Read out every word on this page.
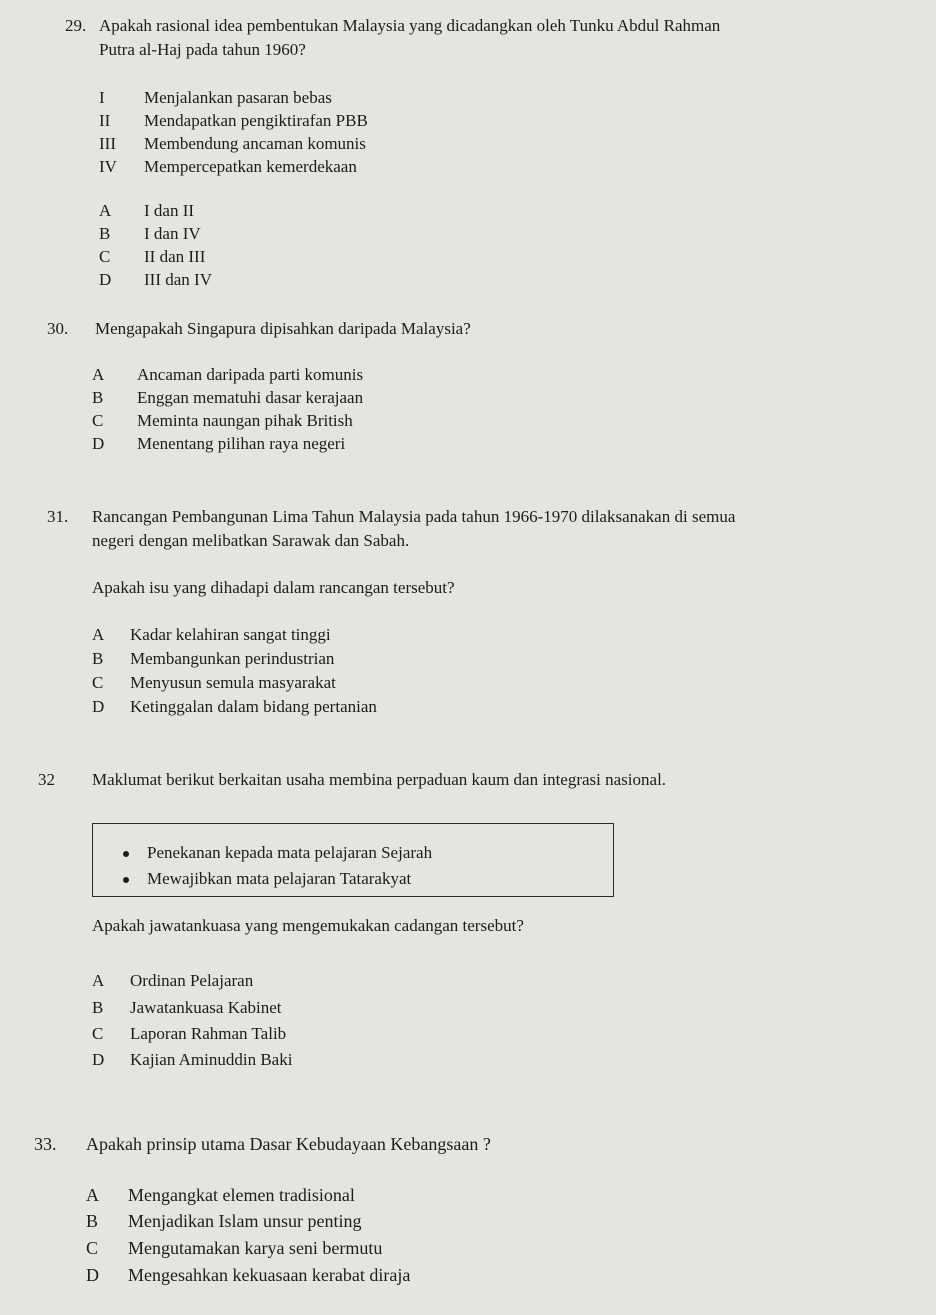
29. Apakah rasional idea pembentukan Malaysia yang dicadangkan oleh Tunku Abdul Rahman
Putra al-Haj pada tahun 1960?
I Menjalankan pasaran bebas
II Mendapatkan pengiktirafan PBB
III Membendung ancaman komunis
IV Mempercepatkan kemerdekaan
A I dan II
B I dan IV
C II dan III
D III dan IV
30. Mengapakah Singapura dipisahkan daripada Malaysia?
A Ancaman daripada parti komunis
B Enggan mematuhi dasar kerajaan
C Meminta naungan pihak British
D Menentang pilihan raya negeri
31. Rancangan Pembangunan Lima Tahun Malaysia pada tahun 1966-1970 dilaksanakan di semua
negeri dengan melibatkan Sarawak dan Sabah.
Apakah isu yang dihadapi dalam rancangan tersebut?
A Kadar kelahiran sangat tinggi
B Membangunkan perindustrian
C Menyusun semula masyarakat
D Ketinggalan dalam bidang pertanian
32 Maklumat berikut berkaitan usaha membina perpaduan kaum dan integrasi nasional.
Penekanan kepada mata pelajaran Sejarah
Mewajibkan mata pelajaran Tatarakyat
Apakah jawatankuasa yang mengemukakan cadangan tersebut?
A Ordinan Pelajaran
B Jawatankuasa Kabinet
C Laporan Rahman Talib
D Kajian Aminuddin Baki
33. Apakah prinsip utama Dasar Kebudayaan Kebangsaan ?
A Mengangkat elemen tradisional
B Menjadikan Islam unsur penting
C Mengutamakan karya seni bermutu
D Mengesahkan kekuasaan kerabat diraja
